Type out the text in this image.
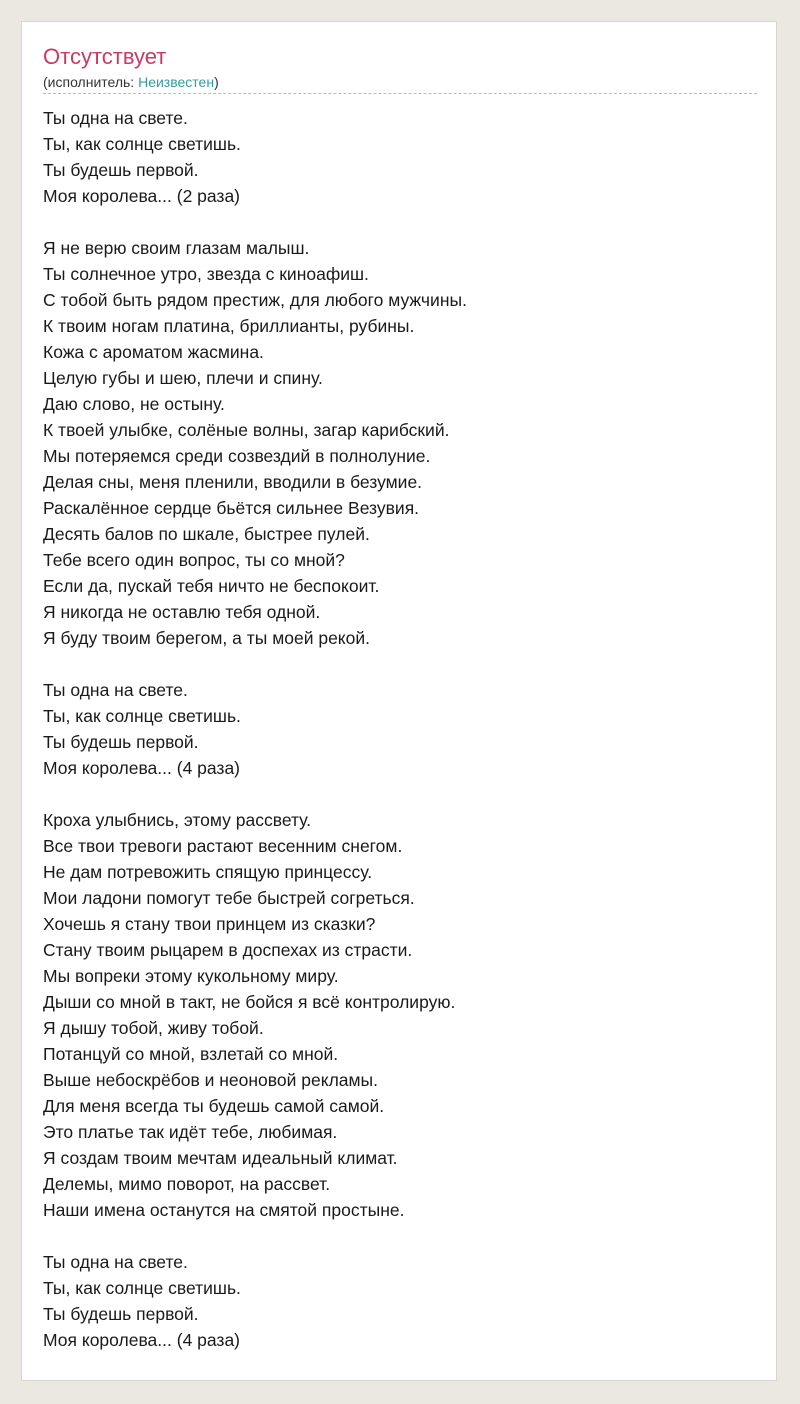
Отсутствует
(исполнитель: Неизвестен)
Ты одна на свете.
Ты, как солнце светишь.
Ты будешь первой.
Моя королева... (2 раза)
Я не верю своим глазам малыш.
Ты солнечное утро, звезда с киноафиш.
С тобой быть рядом престиж, для любого мужчины.
К твоим ногам платина, бриллианты, рубины.
Кожа с ароматом жасмина.
Целую губы и шею, плечи и спину.
Даю слово, не остыну.
К твоей улыбке, солёные волны, загар карибский.
Мы потеряемся среди созвездий в полнолуние.
Делая сны, меня пленили, вводили в безумие.
Раскалённое сердце бьётся сильнее Везувия.
Десять балов по шкале, быстрее пулей.
Тебе всего один вопрос, ты со мной?
Если да, пускай тебя ничто не беспокоит.
Я никогда не оставлю тебя одной.
Я буду твоим берегом, а ты моей рекой.
Ты одна на свете.
Ты, как солнце светишь.
Ты будешь первой.
Моя королева... (4 раза)
Кроха улыбнись, этому рассвету.
Все твои тревоги растают весенним снегом.
Не дам потревожить спящую принцессу.
Мои ладони помогут тебе быстрей согреться.
Хочешь я стану твои принцем из сказки?
Стану твоим рыцарем в доспехах из страсти.
Мы вопреки этому кукольному миру.
Дыши со мной в такт, не бойся я всё контролирую.
Я дышу тобой, живу тобой.
Потанцуй со мной, взлетай со мной.
Выше небоскрёбов и неоновой рекламы.
Для меня всегда ты будешь самой самой.
Это платье так идёт тебе, любимая.
Я создам твоим мечтам идеальный климат.
Делемы, мимо поворот, на рассвет.
Наши имена останутся на смятой простыне.
Ты одна на свете.
Ты, как солнце светишь.
Ты будешь первой.
Моя королева... (4 раза)
